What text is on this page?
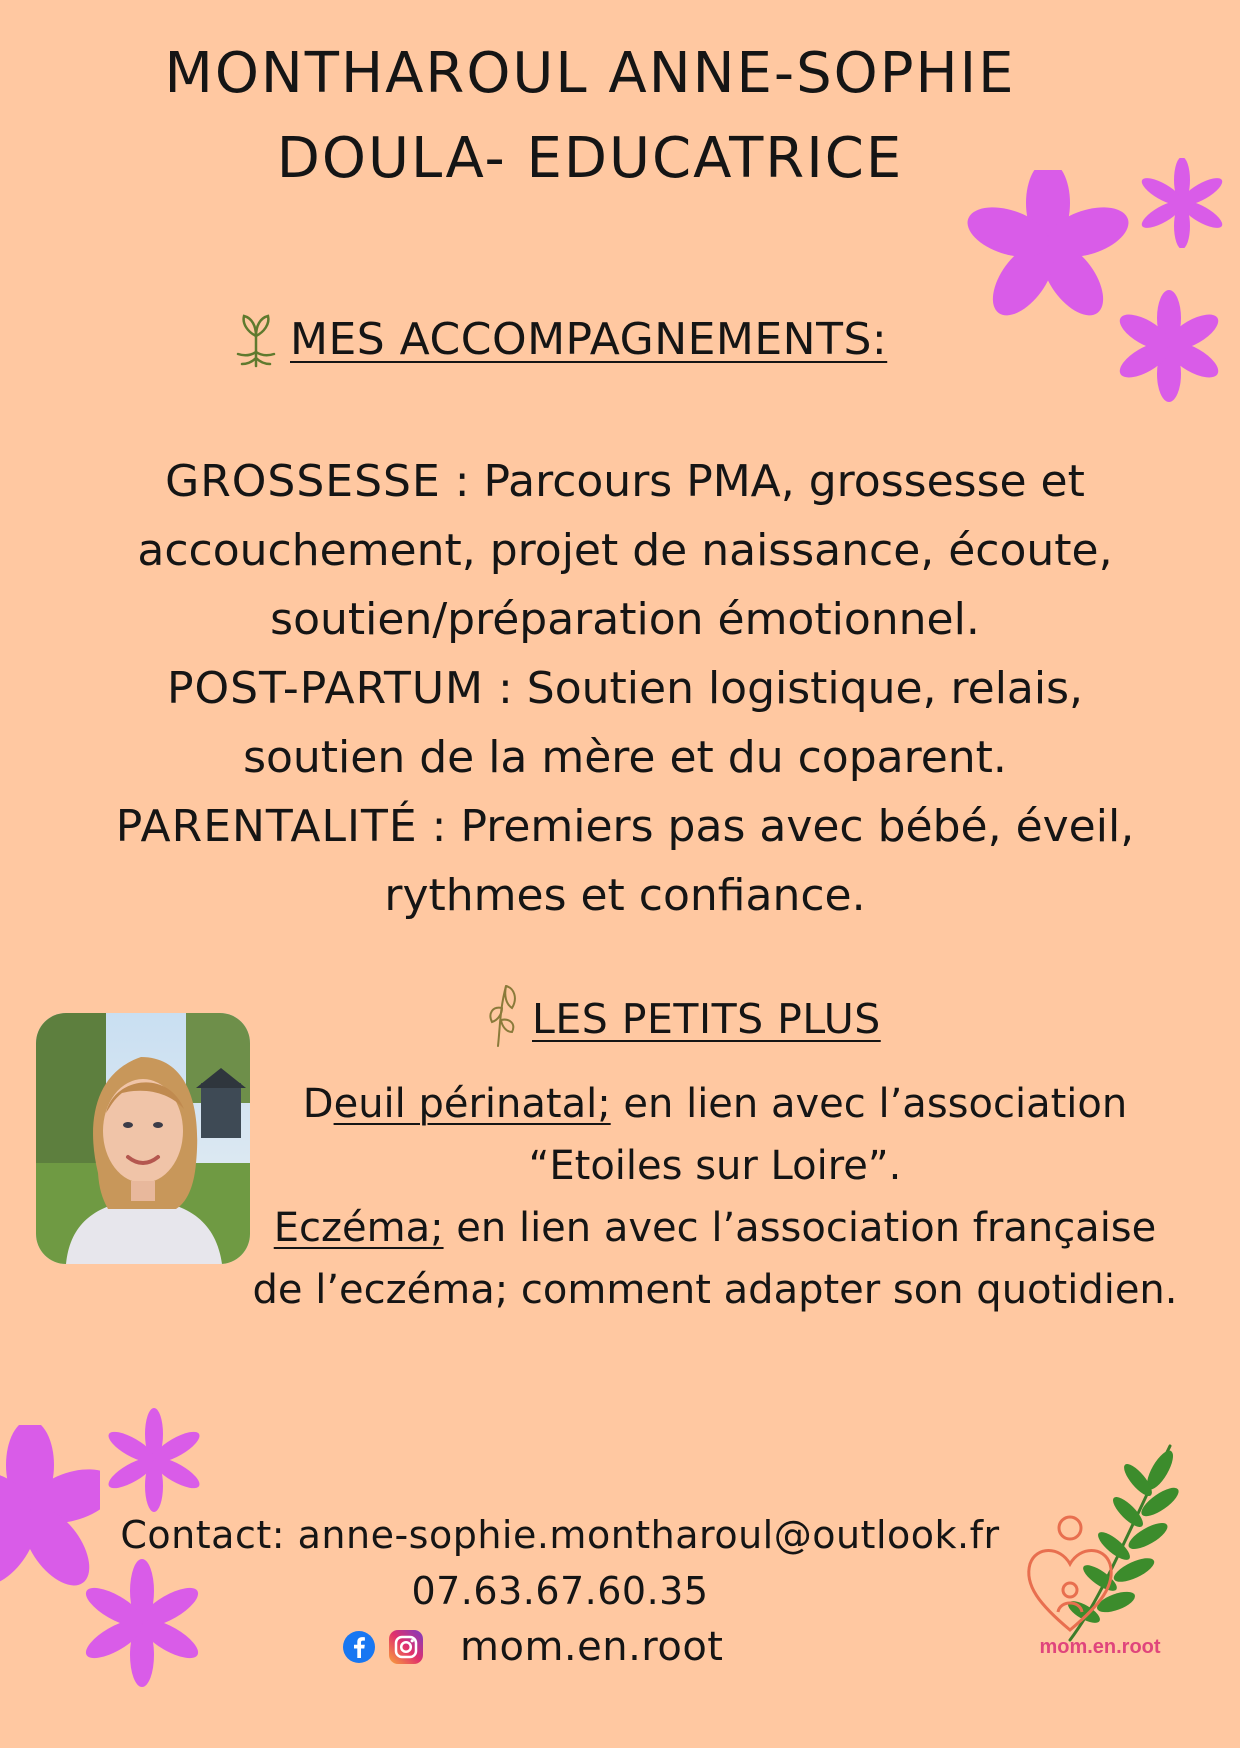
MONTHAROUL ANNE-SOPHIE
DOULA- EDUCATRICE
MES ACCOMPAGNEMENTS:
GROSSESSE : Parcours PMA, grossesse et accouchement, projet de naissance, écoute, soutien/préparation émotionnel.
POST-PARTUM : Soutien logistique, relais, soutien de la mère et du coparent.
PARENTALITÉ : Premiers pas avec bébé, éveil, rythmes et confiance.
LES PETITS PLUS
Deuil périnatal; en lien avec l’association “Etoiles sur Loire”.
Eczéma; en lien avec l’association française de l’eczéma; comment adapter son quotidien.
Contact: anne-sophie.montharoul@outlook.fr
07.63.67.60.35
mom.en.root	mom.en.root
